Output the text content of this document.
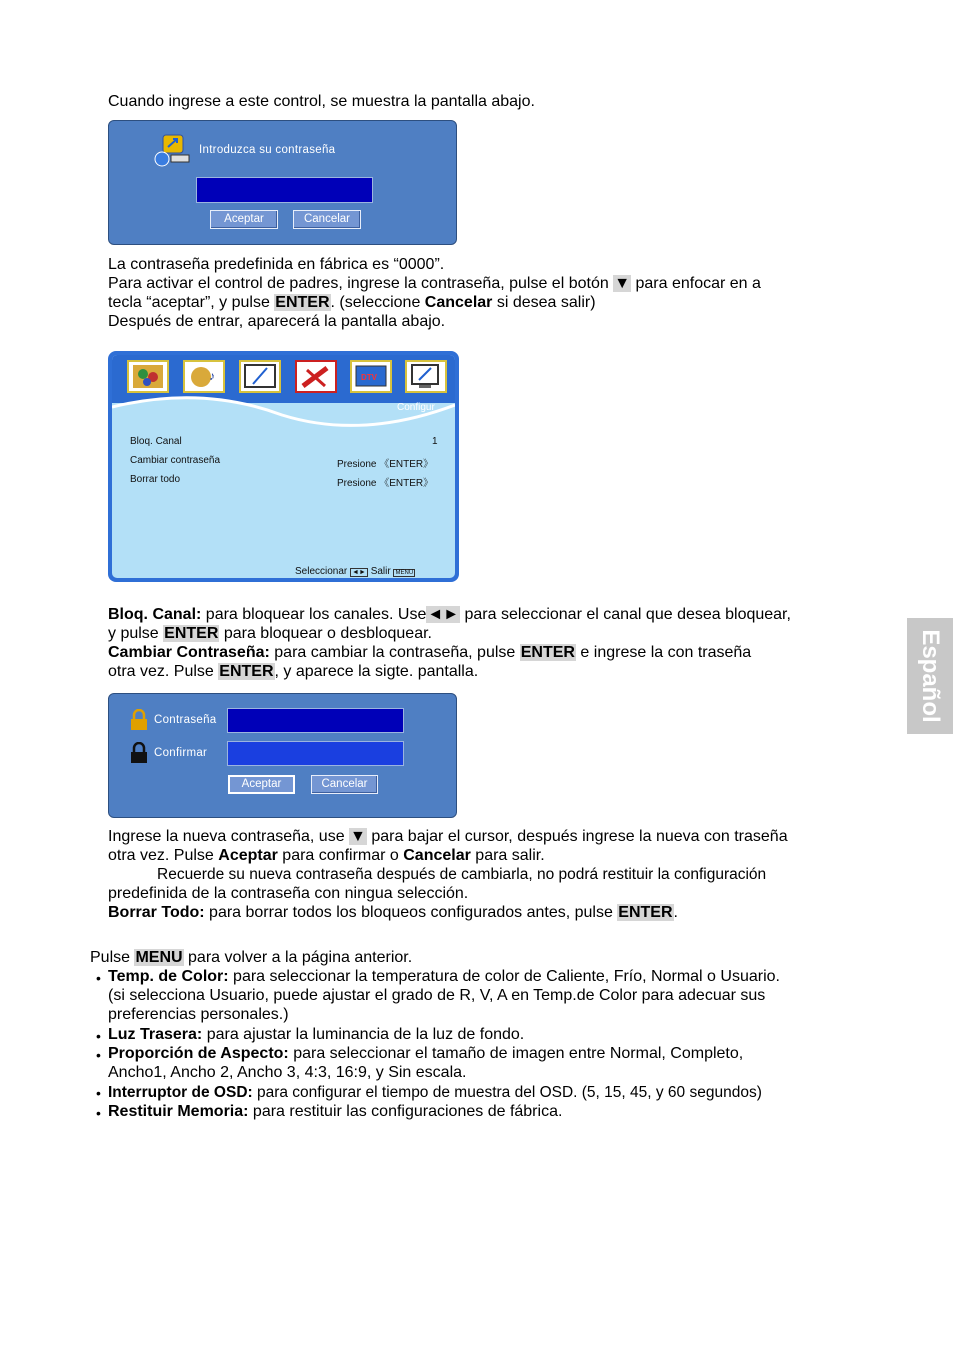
Cuando ingrese a este control, se muestra la pantalla abajo.
Introduzca su contraseña
Aceptar	Cancelar
La contraseña predefinida en fábrica es “0000”.
Para activar el control de padres, ingrese la contraseña, pulse el botón ▼ para enfocar en a
tecla “aceptar”, y pulse ENTER. (seleccione Cancelar si desea salir)
Después de entrar, aparecerá la pantalla abajo.
♪	DTV
Configur
Bloq. Canal	1
Cambiar contraseña	Presione 《ENTER》
Borrar todo	Presione 《ENTER》
Seleccionar ◄► Salir MENU
Bloq. Canal: para bloquear los canales. Use◄► para seleccionar el canal que desea bloquear,
y pulse ENTER para bloquear o desbloquear.
Cambiar Contraseña: para cambiar la contraseña, pulse ENTER e ingrese la con traseña
otra vez. Pulse ENTER, y aparece la sigte. pantalla.
Contraseña
Confirmar
Aceptar	Cancelar
Ingrese la nueva contraseña, use ▼ para bajar el cursor, después ingrese la nueva con traseña
otra vez. Pulse Aceptar para confirmar o Cancelar para salir.
Recuerde su nueva contraseña después de cambiarla, no podrá restituir la configuración
predefinida de la contraseña con ningua selección.
Borrar Todo: para borrar todos los bloqueos configurados antes, pulse ENTER.
Pulse MENU para volver a la página anterior.
• Temp. de Color: para seleccionar la temperatura de color de Caliente, Frío, Normal o Usuario.
(si selecciona Usuario, puede ajustar el grado de R, V, A en Temp.de Color para adecuar sus
preferencias personales.)
• Luz Trasera: para ajustar la luminancia de la luz de fondo.
• Proporción de Aspecto: para seleccionar el tamaño de imagen entre Normal, Completo,
Ancho1, Ancho 2, Ancho 3, 4:3, 16:9, y Sin escala.
• Interruptor de OSD: para configurar el tiempo de muestra del OSD. (5, 15, 45, y 60 segundos)
• Restituir Memoria: para restituir las configuraciones de fábrica.
Español
